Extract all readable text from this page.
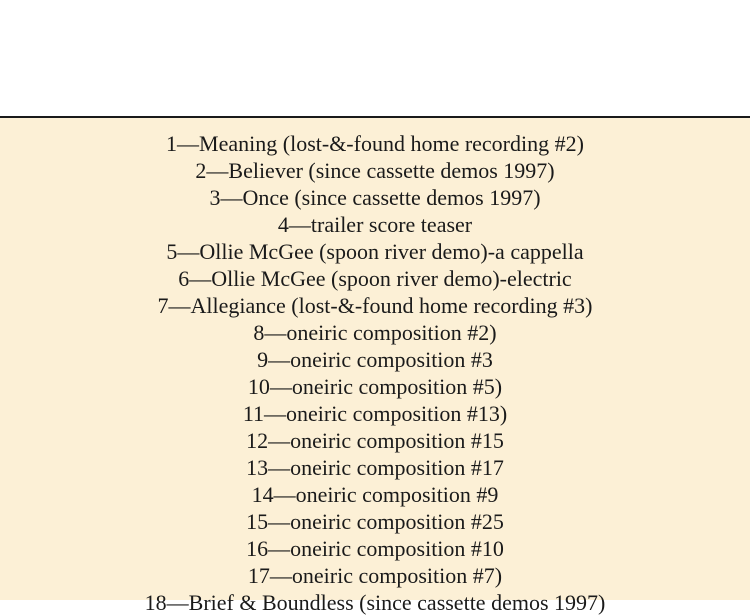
1—Meaning (lost-&-found home recording #2)
2—Believer (since cassette demos 1997)
3—Once (since cassette demos 1997)
4—trailer score teaser
5—Ollie McGee (spoon river demo)-a cappella
6—Ollie McGee (spoon river demo)-electric
7—Allegiance (lost-&-found home recording #3)
8—oneiric composition #2)
9—oneiric composition #3
10—oneiric composition #5)
11—oneiric composition #13)
12—oneiric composition #15
13—oneiric composition #17
14—oneiric composition #9
15—oneiric composition #25
16—oneiric composition #10
17—oneiric composition #7)
18—Brief & Boundless (since cassette demos 1997)
